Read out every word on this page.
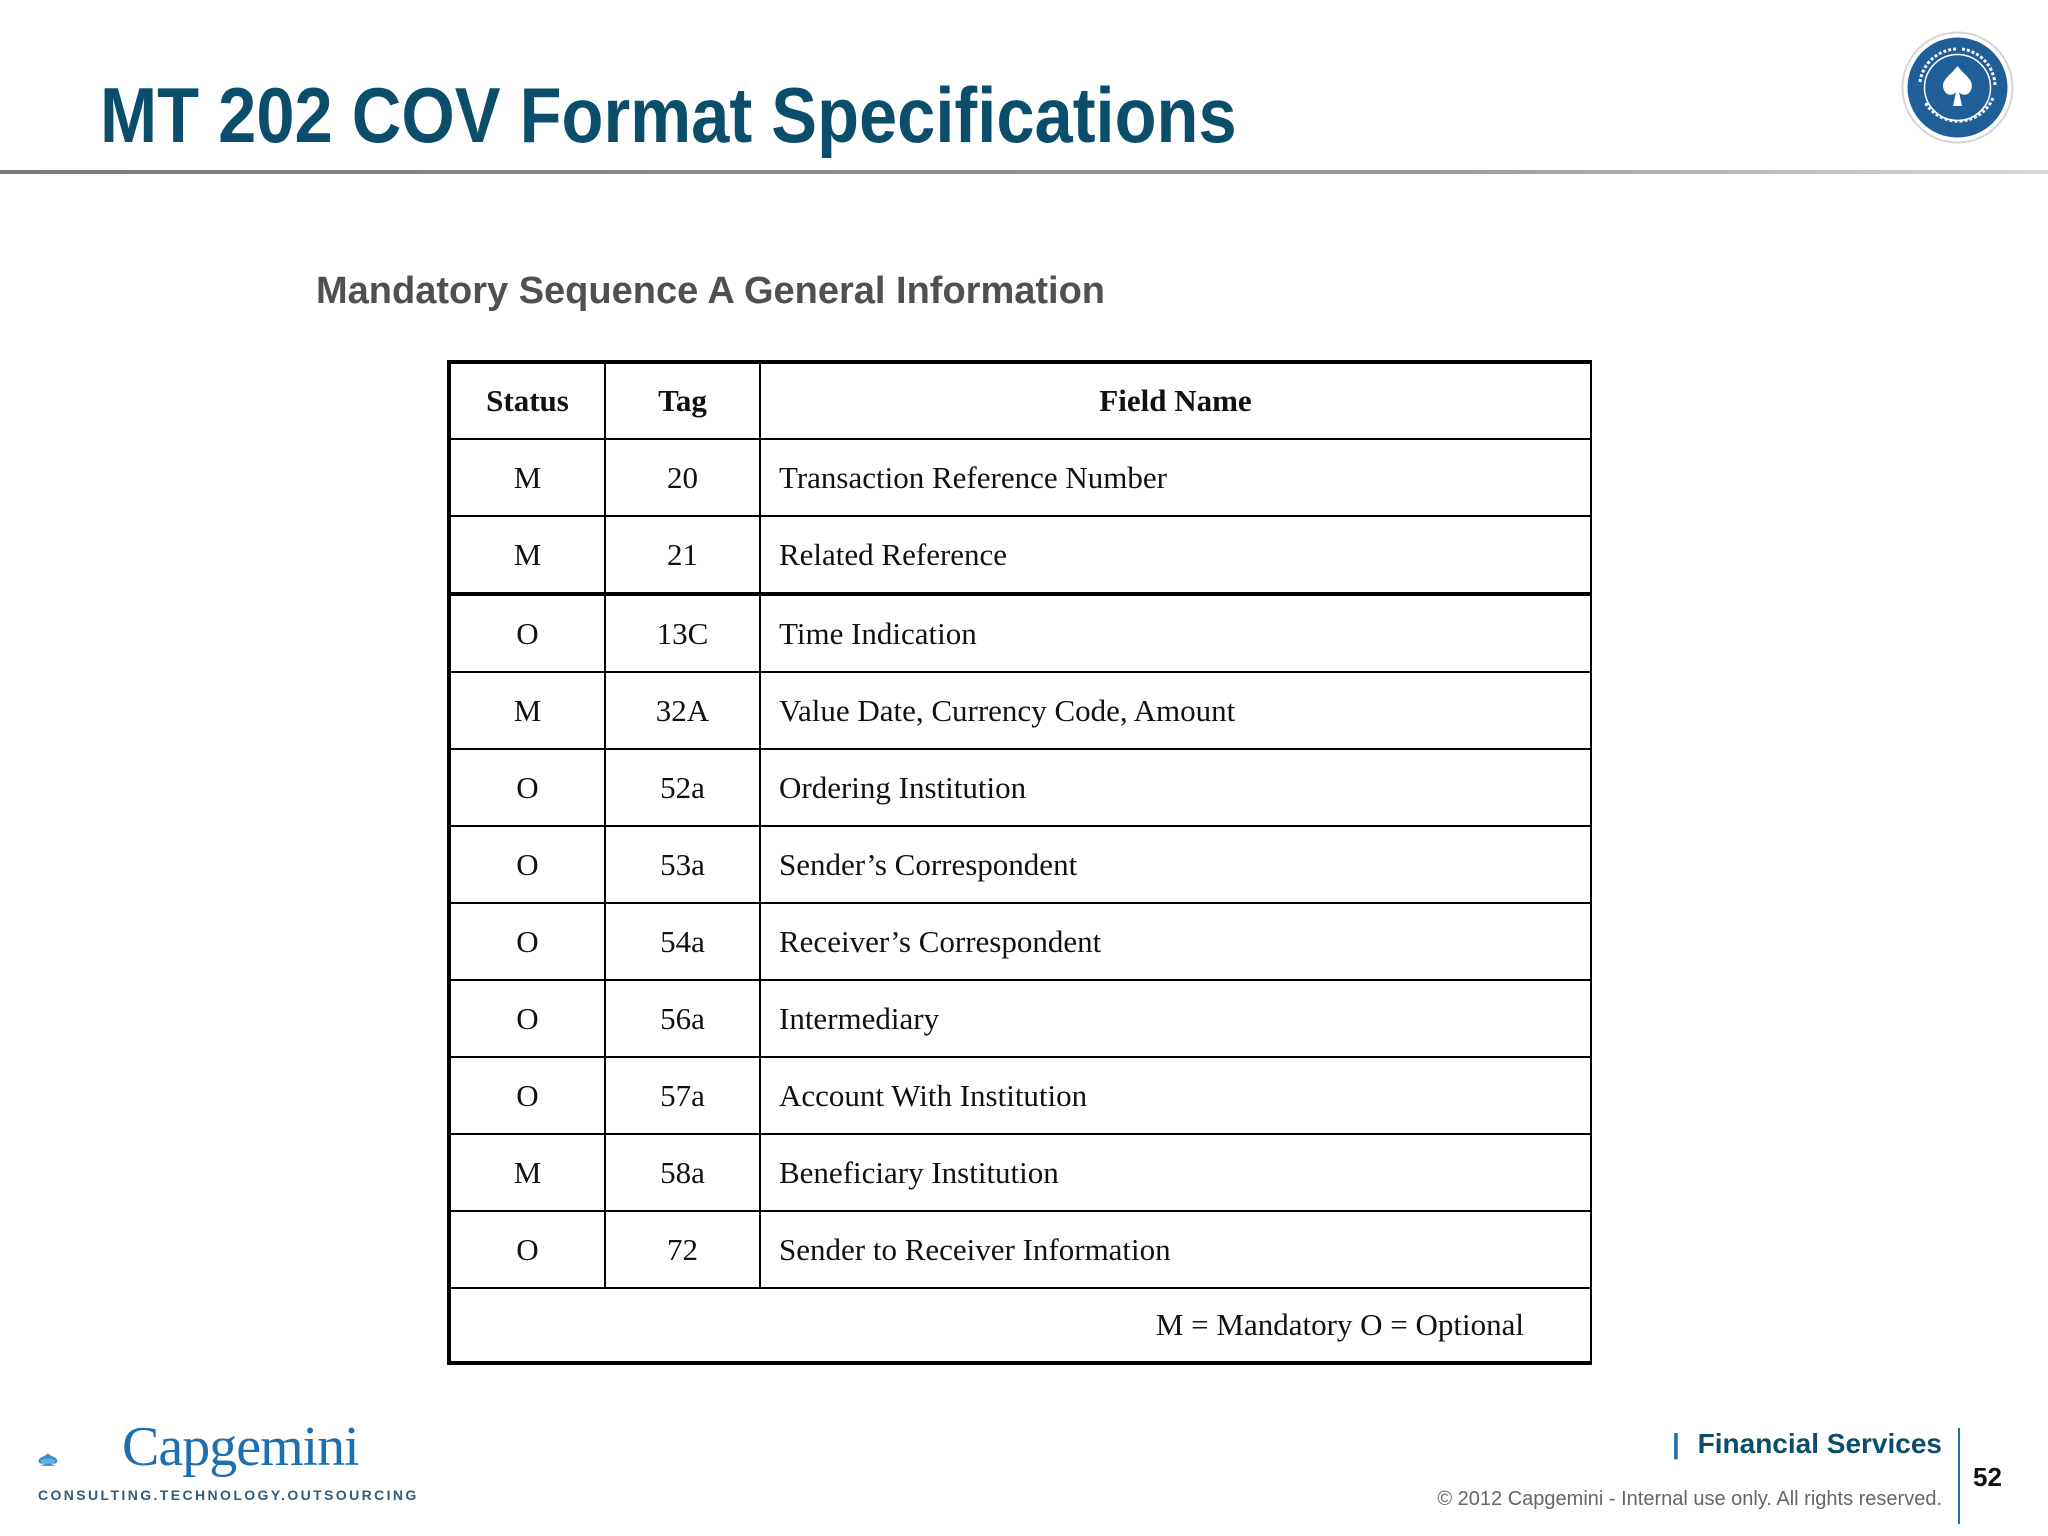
MT 202 COV Format Specifications
Mandatory Sequence A General Information
Status	Tag	Field Name
M	20	Transaction Reference Number
M	21	Related Reference
O	13C	Time Indication
M	32A	Value Date, Currency Code, Amount
O	52a	Ordering Institution
O	53a	Sender’s Correspondent
O	54a	Receiver’s Correspondent
O	56a	Intermediary
O	57a	Account With Institution
M	58a	Beneficiary Institution
O	72	Sender to Receiver Information
M = Mandatory O = Optional		
Capgemini
CONSULTING.TECHNOLOGY.OUTSOURCING
| Financial Services
© 2012 Capgemini - Internal use only. All rights reserved.
52
